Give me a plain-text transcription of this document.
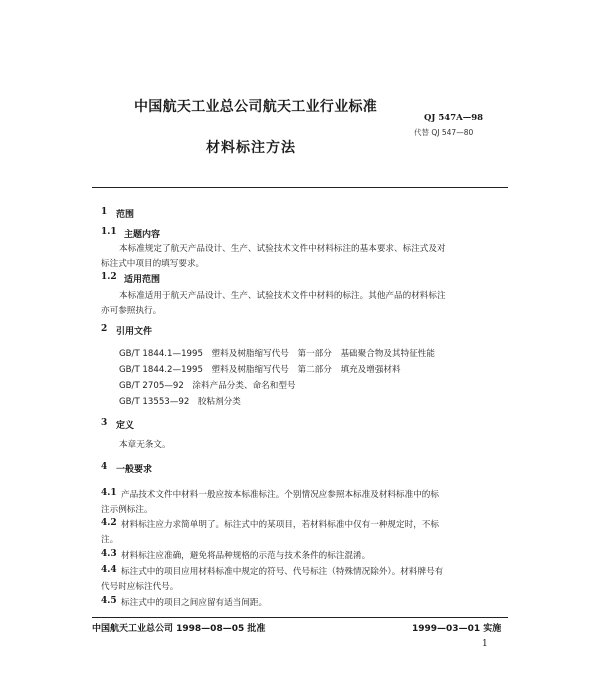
中国航天工业总公司航天工业行业标准
QJ 547A—98
代替 QJ 547—80
材料标注方法
1 范围
1.1 主题内容
本标准规定了航天产品设计、生产、试验技术文件中材料标注的基本要求、标注式及对
标注式中项目的填写要求。
1.2 适用范围
本标准适用于航天产品设计、生产、试验技术文件中材料的标注。其他产品的材料标注
亦可参照执行。
2 引用文件
GB/T 1844.1—1995　塑料及树脂缩写代号　第一部分　基础聚合物及其特征性能
GB/T 1844.2—1995　塑料及树脂缩写代号　第二部分　填充及增强材料
GB/T 2705—92　涂料产品分类、命名和型号
GB/T 13553—92　胶粘剂分类
3 定义
本章无条文。
4 一般要求
4.1 产品技术文件中材料一般应按本标准标注。个别情况应参照本标准及材料标准中的标
注示例标注。
4.2 材料标注应力求简单明了。标注式中的某项目，若材料标准中仅有一种规定时，不标
注。
4.3 材料标注应准确，避免将品种规格的示范与技术条件的标注混淆。
4.4 标注式中的项目应用材料标准中规定的符号、代号标注（特殊情况除外）。材料牌号有
代号时应标注代号。
4.5 标注式中的项目之间应留有适当间距。
中国航天工业总公司 1998—08—05 批准	1999—03—01 实施
1
